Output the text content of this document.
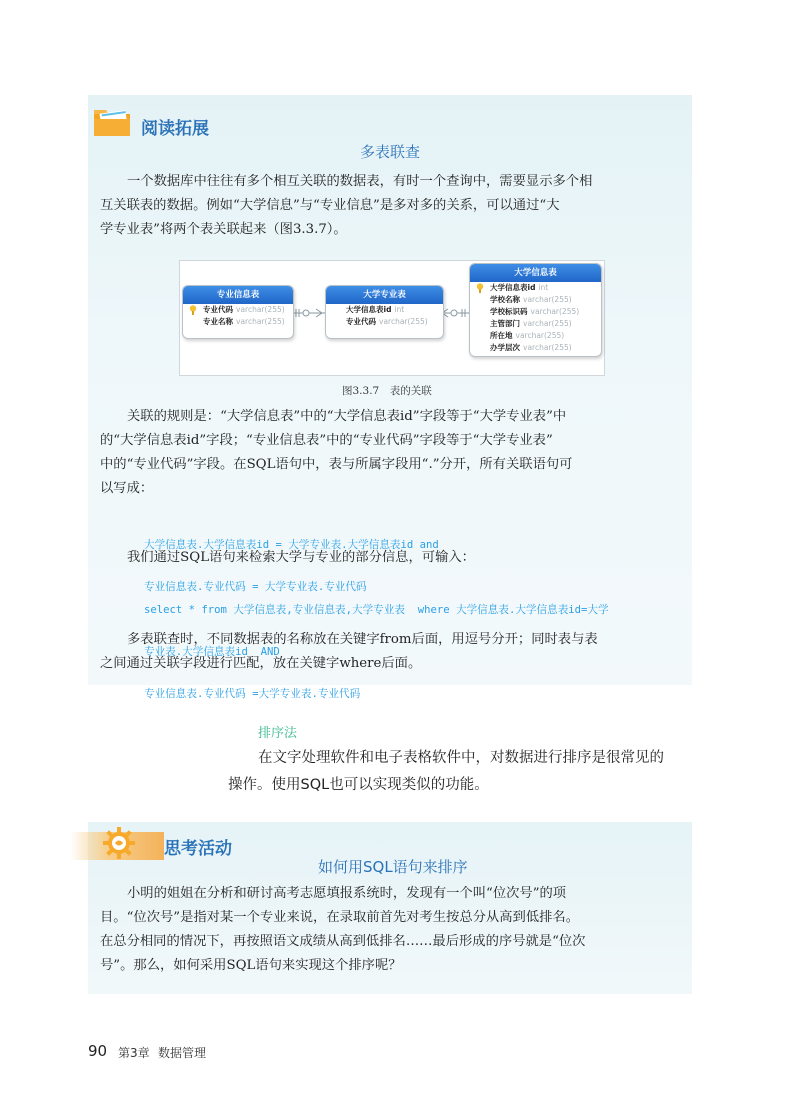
阅读拓展
多表联查
一个数据库中往往有多个相互关联的数据表，有时一个查询中，需要显示多个相
互关联表的数据。例如“大学信息”与“专业信息”是多对多的关系，可以通过“大
学专业表”将两个表关联起来（图3.3.7）。
专业信息表
专业代码 varchar(255)
专业名称 varchar(255)
大学专业表
大学信息表id int
专业代码 varchar(255)
大学信息表
大学信息表id int
学校名称 varchar(255)
学校标识码 varchar(255)
主管部门 varchar(255)
所在地 varchar(255)
办学层次 varchar(255)
图3.3.7　表的关联
关联的规则是：“大学信息表”中的“大学信息表id”字段等于“大学专业表”中
的“大学信息表id”字段；“专业信息表”中的“专业代码”字段等于“大学专业表”
中的“专业代码”字段。在SQL语句中，表与所属字段用“.”分开，所有关联语句可
以写成：

大学信息表.大学信息表id = 大学专业表.大学信息表id and

专业信息表.专业代码 = 大学专业表.专业代码

我们通过SQL语句来检索大学与专业的部分信息，可输入：

select * from 大学信息表,专业信息表,大学专业表  where 大学信息表.大学信息表id=大学

专业表.大学信息表id  AND

专业信息表.专业代码 =大学专业表.专业代码

多表联查时，不同数据表的名称放在关键字from后面，用逗号分开；同时表与表
之间通过关联字段进行匹配，放在关键字where后面。
排序法
在文字处理软件和电子表格软件中，对数据进行排序是很常见的
操作。使用SQL也可以实现类似的功能。
思考活动
如何用SQL语句来排序
小明的姐姐在分析和研讨高考志愿填报系统时，发现有一个叫“位次号”的项
目。“位次号”是指对某一个专业来说，在录取前首先对考生按总分从高到低排名。
在总分相同的情况下，再按照语文成绩从高到低排名……最后形成的序号就是“位次
号”。那么，如何采用SQL语句来实现这个排序呢？
90 第3章 数据管理
